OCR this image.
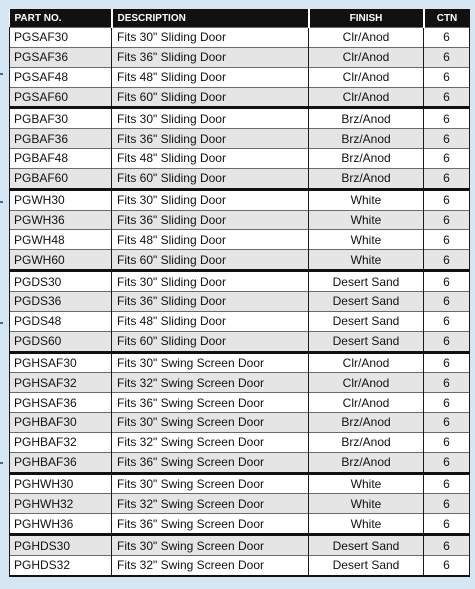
PART NO.	DESCRIPTION	FINISH	CTN
PGSAF30	Fits 30" Sliding Door	Clr/Anod	6
PGSAF36	Fits 36" Sliding Door	Clr/Anod	6
PGSAF48	Fits 48" Sliding Door	Clr/Anod	6
PGSAF60	Fits 60" Sliding Door	Clr/Anod	6
PGBAF30	Fits 30" Sliding Door	Brz/Anod	6
PGBAF36	Fits 36" Sliding Door	Brz/Anod	6
PGBAF48	Fits 48" Sliding Door	Brz/Anod	6
PGBAF60	Fits 60" Sliding Door	Brz/Anod	6
PGWH30	Fits 30" Sliding Door	White	6
PGWH36	Fits 36" Sliding Door	White	6
PGWH48	Fits 48" Sliding Door	White	6
PGWH60	Fits 60" Sliding Door	White	6
PGDS30	Fits 30" Sliding Door	Desert Sand	6
PGDS36	Fits 36" Sliding Door	Desert Sand	6
PGDS48	Fits 48" Sliding Door	Desert Sand	6
PGDS60	Fits 60" Sliding Door	Desert Sand	6
PGHSAF30	Fits 30" Swing Screen Door	Clr/Anod	6
PGHSAF32	Fits 32" Swing Screen Door	Clr/Anod	6
PGHSAF36	Fits 36" Swing Screen Door	Clr/Anod	6
PGHBAF30	Fits 30" Swing Screen Door	Brz/Anod	6
PGHBAF32	Fits 32" Swing Screen Door	Brz/Anod	6
PGHBAF36	Fits 36" Swing Screen Door	Brz/Anod	6
PGHWH30	Fits 30" Swing Screen Door	White	6
PGHWH32	Fits 32" Swing Screen Door	White	6
PGHWH36	Fits 36" Swing Screen Door	White	6
PGHDS30	Fits 30" Swing Screen Door	Desert Sand	6
PGHDS32	Fits 32" Swing Screen Door	Desert Sand	6
